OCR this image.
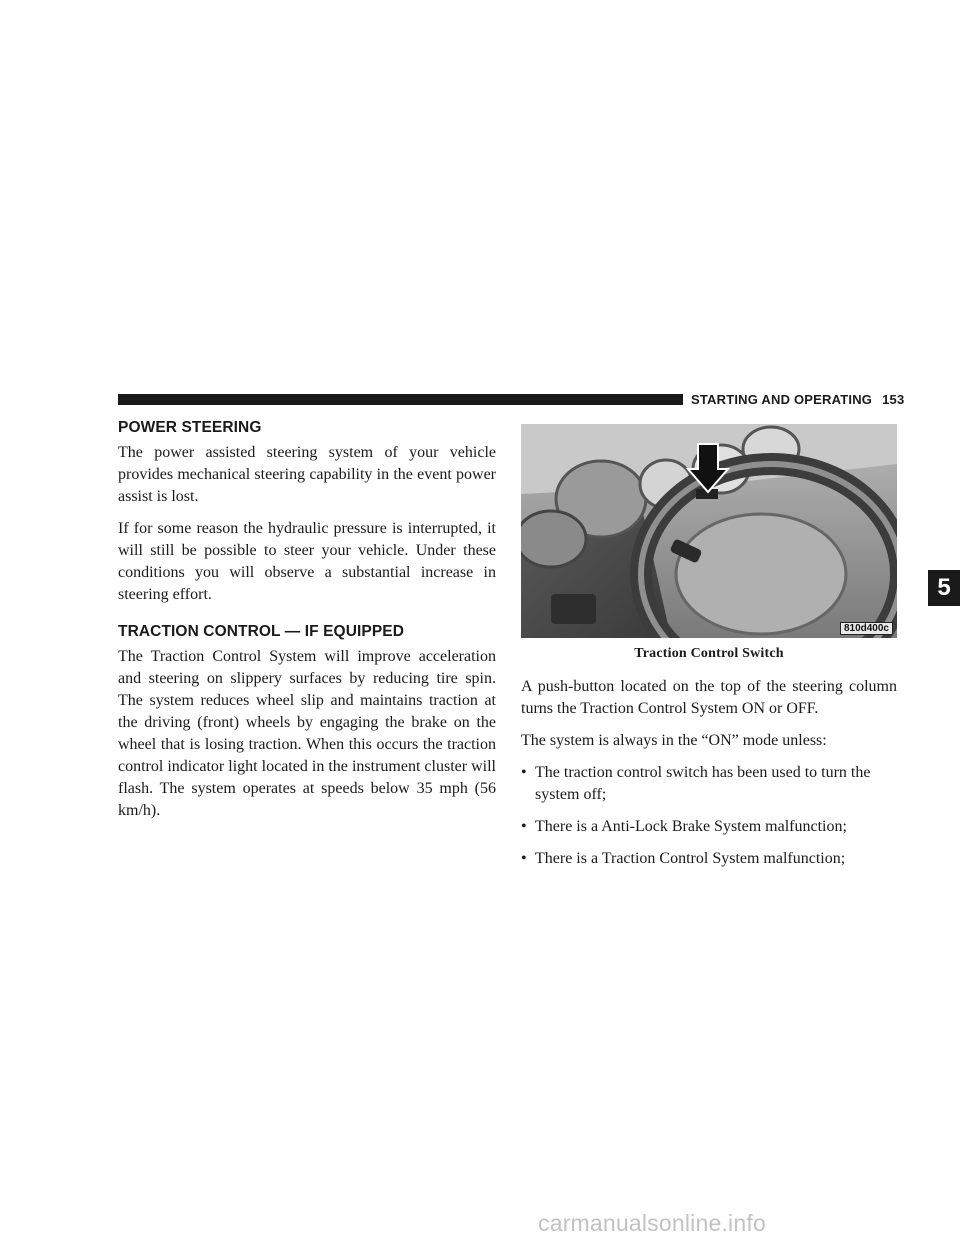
STARTING AND OPERATING 153
POWER STEERING

The power assisted steering system of your vehicle provides mechanical steering capability in the event power assist is lost.

If for some reason the hydraulic pressure is interrupted, it will still be possible to steer your vehicle. Under these conditions you will observe a substantial increase in steering effort.

TRACTION CONTROL — IF EQUIPPED

The Traction Control System will improve acceleration and steering on slippery surfaces by reducing tire spin. The system reduces wheel slip and maintains traction at the driving (front) wheels by engaging the brake on the wheel that is losing traction. When this occurs the traction control indicator light located in the instrument cluster will flash. The system operates at speeds below 35 mph (56 km/h).

810d400c
Traction Control Switch

A push-button located on the top of the steering column turns the Traction Control System ON or OFF.

The system is always in the “ON” mode unless:

• The traction control switch has been used to turn the system off;
• There is a Anti-Lock Brake System malfunction;
• There is a Traction Control System malfunction;
5
carmanualsonline.info
